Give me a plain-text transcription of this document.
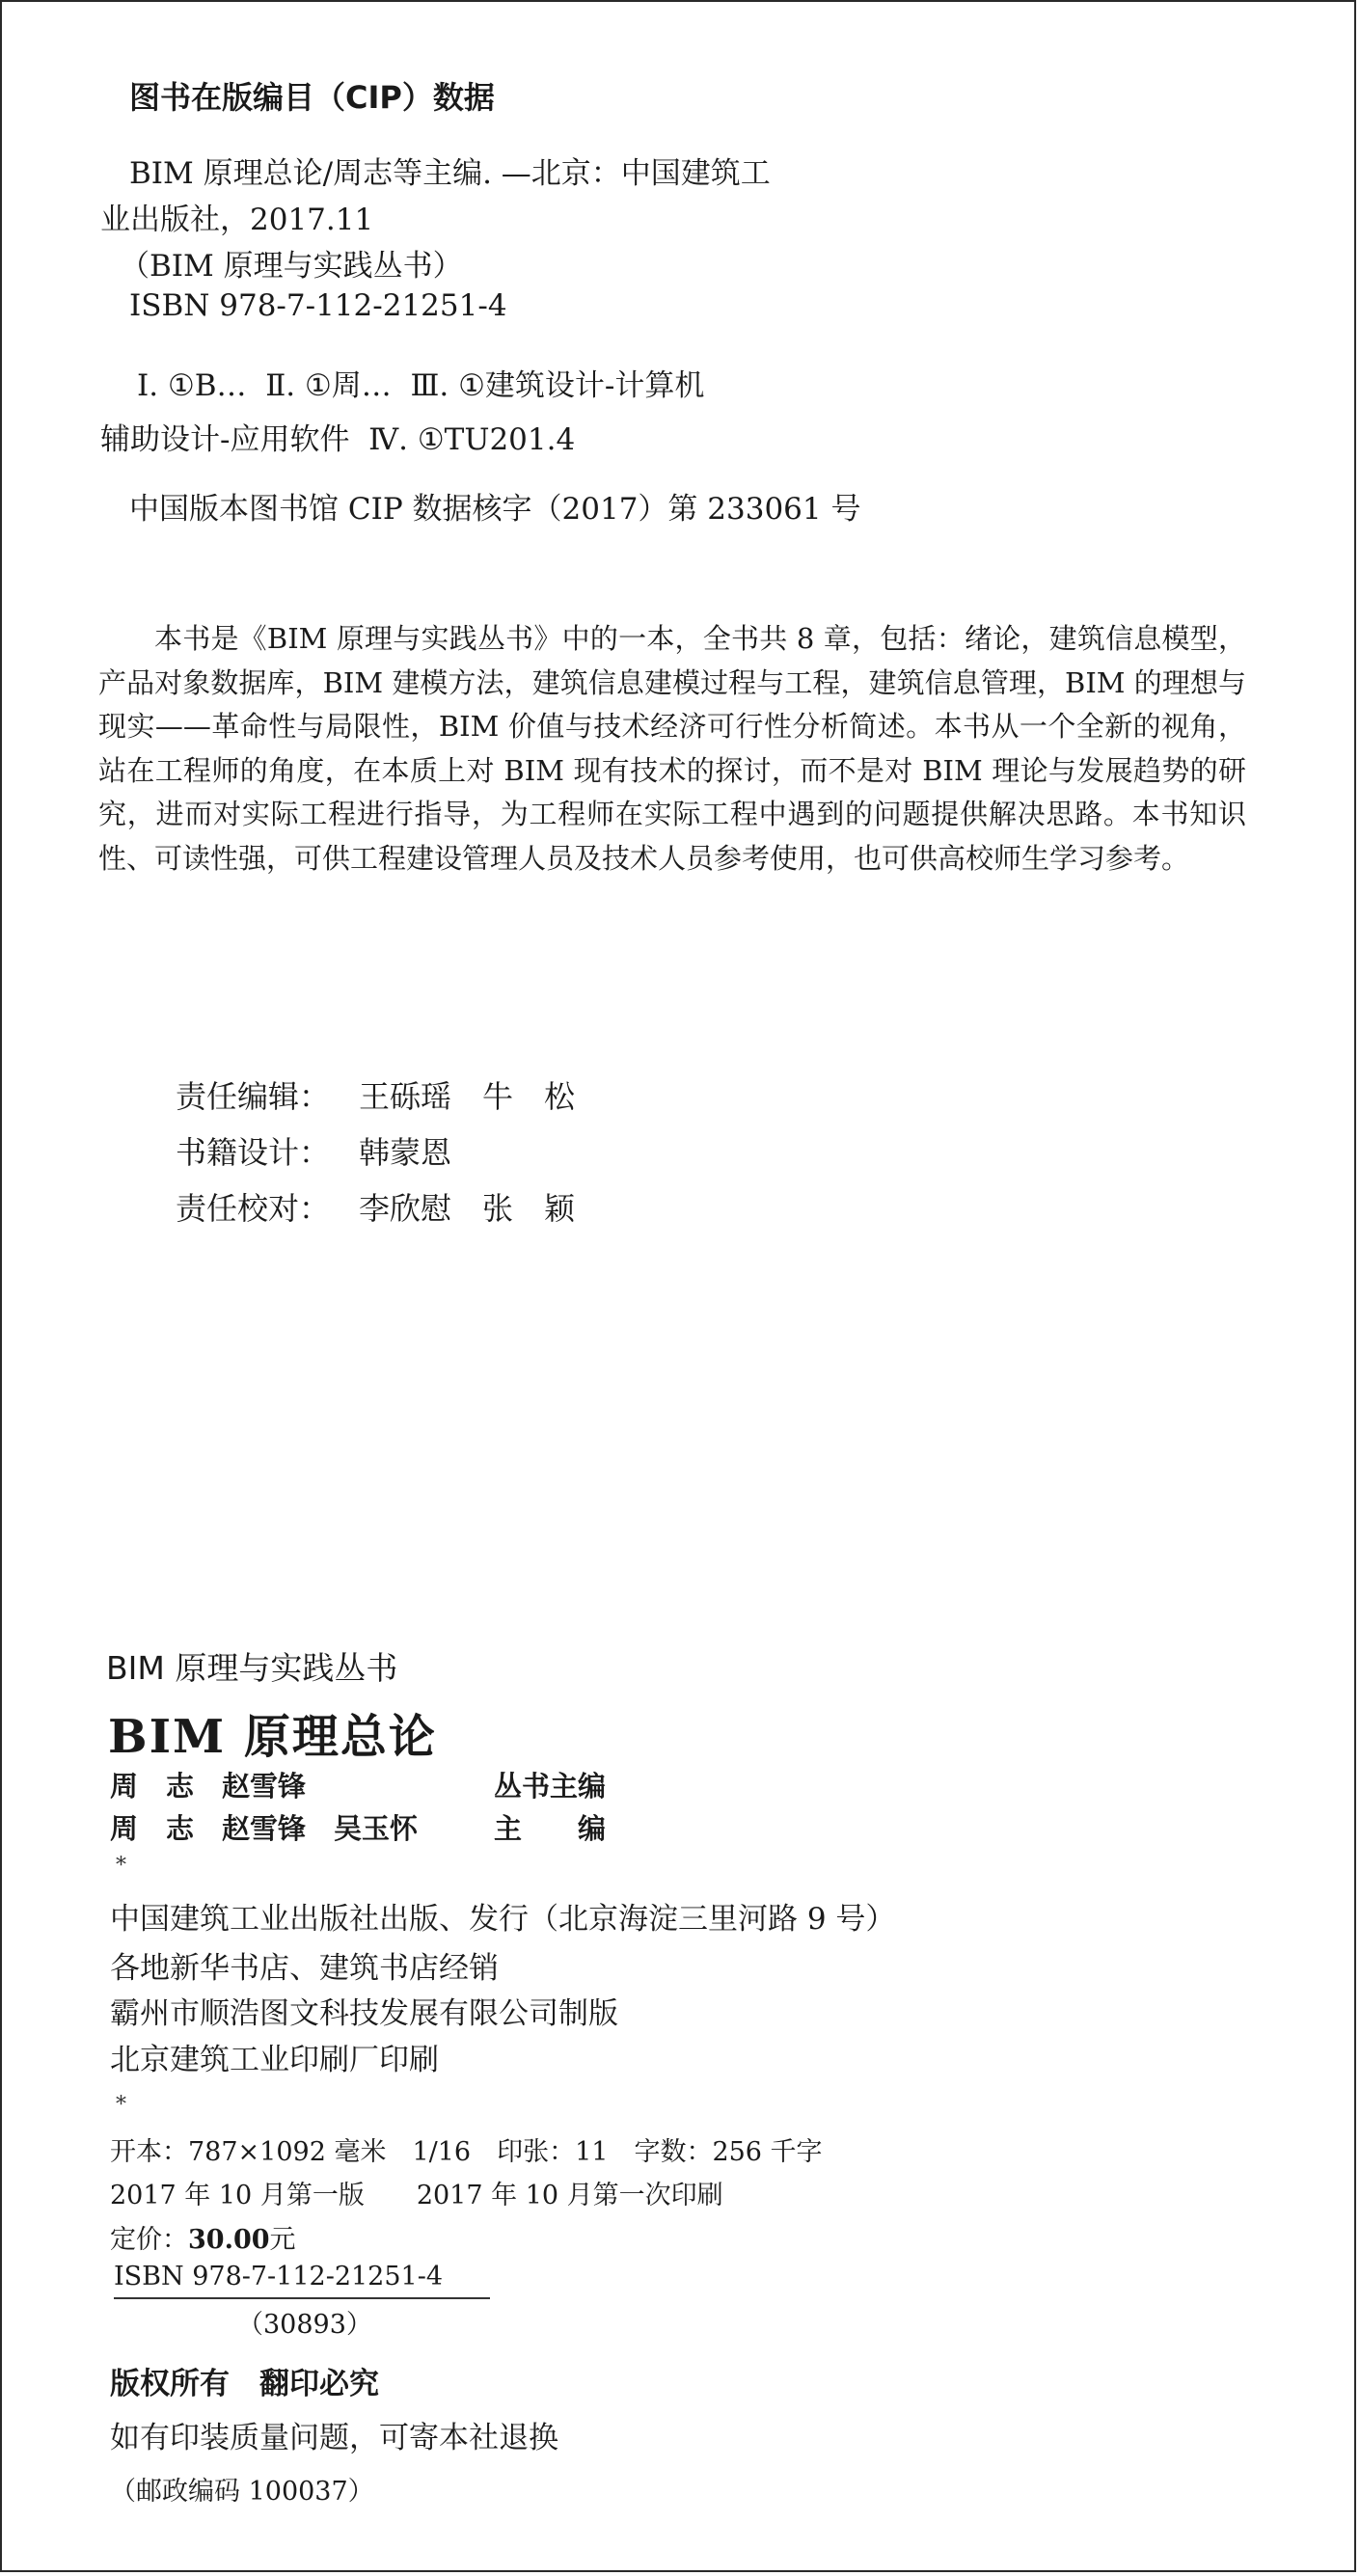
图书在版编目（CIP）数据
BIM 原理总论/周志等主编. —北京：中国建筑工
业出版社，2017.11
（BIM 原理与实践丛书）
ISBN 978-7-112-21251-4
Ⅰ. ①B…  Ⅱ. ①周…  Ⅲ. ①建筑设计-计算机
辅助设计-应用软件  Ⅳ. ①TU201.4
中国版本图书馆 CIP 数据核字（2017）第 233061 号
本书是《BIM 原理与实践丛书》中的一本，全书共 8 章，包括：绪论，建筑信息模型，产品对象数据库，BIM 建模方法，建筑信息建模过程与工程，建筑信息管理，BIM 的理想与现实——革命性与局限性，BIM 价值与技术经济可行性分析简述。本书从一个全新的视角，站在工程师的角度，在本质上对 BIM 现有技术的探讨，而不是对 BIM 理论与发展趋势的研究，进而对实际工程进行指导，为工程师在实际工程中遇到的问题提供解决思路。本书知识性、可读性强，可供工程建设管理人员及技术人员参考使用，也可供高校师生学习参考。
责任编辑： 王砾瑶　牛　松
书籍设计： 韩蒙恩
责任校对： 李欣慰　张　颖
BIM 原理与实践丛书
BIM 原理总论
周　志　赵雪锋	丛书主编
周　志　赵雪锋　吴玉怀	主　　编
*
中国建筑工业出版社出版、发行（北京海淀三里河路 9 号）
各地新华书店、建筑书店经销
霸州市顺浩图文科技发展有限公司制版
北京建筑工业印刷厂印刷
*
开本：787×1092 毫米　1/16　印张：11　字数：256 千字
2017 年 10 月第一版　　2017 年 10 月第一次印刷
定价：30.00元
ISBN 978-7-112-21251-4
（30893）
版权所有　翻印必究
如有印装质量问题，可寄本社退换
（邮政编码 100037）
